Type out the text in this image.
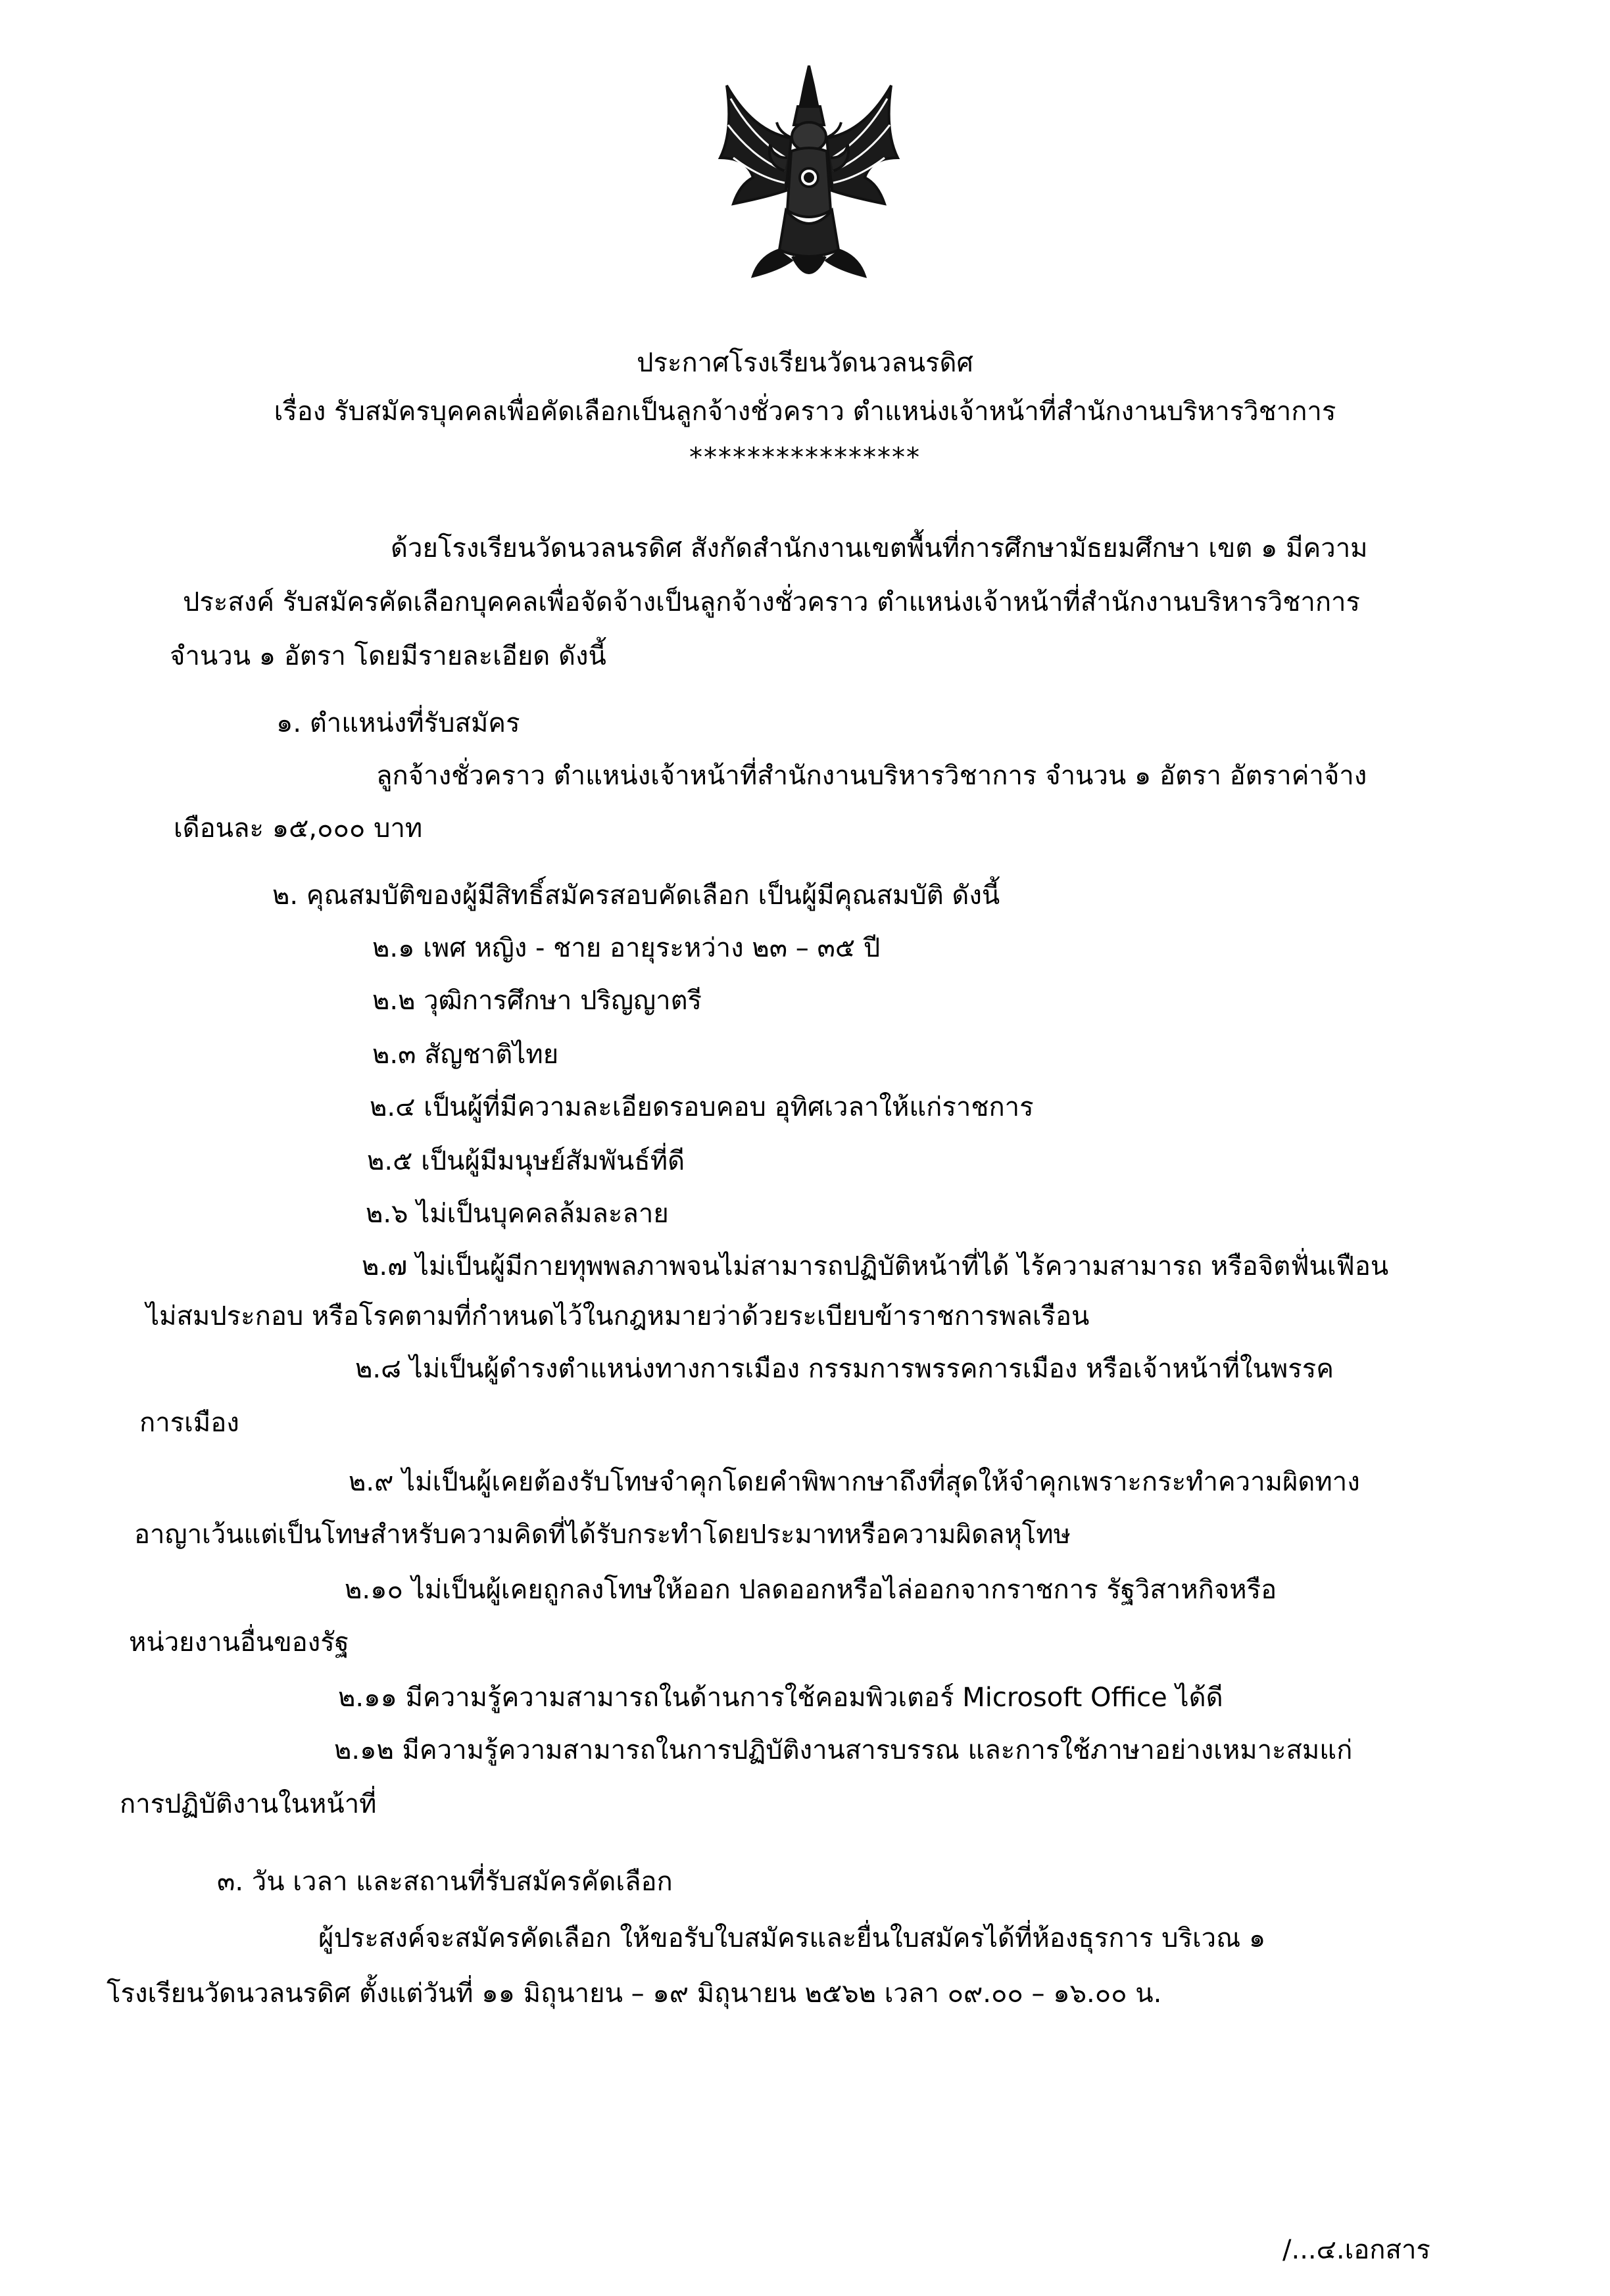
ประกาศโรงเรียนวัดนวลนรดิศ
เรื่อง รับสมัครบุคคลเพื่อคัดเลือกเป็นลูกจ้างชั่วคราว ตำแหน่งเจ้าหน้าที่สำนักงานบริหารวิชาการ
****************
ด้วยโรงเรียนวัดนวลนรดิศ สังกัดสำนักงานเขตพื้นที่การศึกษามัธยมศึกษา เขต ๑ มีความ
ประสงค์ รับสมัครคัดเลือกบุคคลเพื่อจัดจ้างเป็นลูกจ้างชั่วคราว ตำแหน่งเจ้าหน้าที่สำนักงานบริหารวิชาการ
จำนวน ๑ อัตรา โดยมีรายละเอียด ดังนี้
๑. ตำแหน่งที่รับสมัคร
ลูกจ้างชั่วคราว ตำแหน่งเจ้าหน้าที่สำนักงานบริหารวิชาการ จำนวน ๑ อัตรา อัตราค่าจ้าง
เดือนละ ๑๕,๐๐๐ บาท
๒. คุณสมบัติของผู้มีสิทธิ์สมัครสอบคัดเลือก เป็นผู้มีคุณสมบัติ ดังนี้
๒.๑ เพศ หญิง - ชาย อายุระหว่าง ๒๓ – ๓๕ ปี
๒.๒ วุฒิการศึกษา ปริญญาตรี
๒.๓ สัญชาติไทย
๒.๔ เป็นผู้ที่มีความละเอียดรอบคอบ อุทิศเวลาให้แก่ราชการ
๒.๕ เป็นผู้มีมนุษย์สัมพันธ์ที่ดี
๒.๖ ไม่เป็นบุคคลล้มละลาย
๒.๗ ไม่เป็นผู้มีกายทุพพลภาพจนไม่สามารถปฏิบัติหน้าที่ได้ ไร้ความสามารถ หรือจิตฟั่นเฟือน
ไม่สมประกอบ หรือโรคตามที่กำหนดไว้ในกฎหมายว่าด้วยระเบียบข้าราชการพลเรือน
๒.๘ ไม่เป็นผู้ดำรงตำแหน่งทางการเมือง กรรมการพรรคการเมือง หรือเจ้าหน้าที่ในพรรค
การเมือง
๒.๙ ไม่เป็นผู้เคยต้องรับโทษจำคุกโดยคำพิพากษาถึงที่สุดให้จำคุกเพราะกระทำความผิดทาง
อาญาเว้นแต่เป็นโทษสำหรับความคิดที่ได้รับกระทำโดยประมาทหรือความผิดลหุโทษ
๒.๑๐ ไม่เป็นผู้เคยถูกลงโทษให้ออก ปลดออกหรือไล่ออกจากราชการ รัฐวิสาหกิจหรือ
หน่วยงานอื่นของรัฐ
๒.๑๑ มีความรู้ความสามารถในด้านการใช้คอมพิวเตอร์ Microsoft Office ได้ดี
๒.๑๒ มีความรู้ความสามารถในการปฏิบัติงานสารบรรณ และการใช้ภาษาอย่างเหมาะสมแก่
การปฏิบัติงานในหน้าที่
๓. วัน เวลา และสถานที่รับสมัครคัดเลือก
ผู้ประสงค์จะสมัครคัดเลือก ให้ขอรับใบสมัครและยื่นใบสมัครได้ที่ห้องธุรการ บริเวณ ๑
โรงเรียนวัดนวลนรดิศ ตั้งแต่วันที่ ๑๑ มิถุนายน – ๑๙ มิถุนายน ๒๕๖๒ เวลา ๐๙.๐๐ – ๑๖.๐๐ น.
/...๔.เอกสาร
